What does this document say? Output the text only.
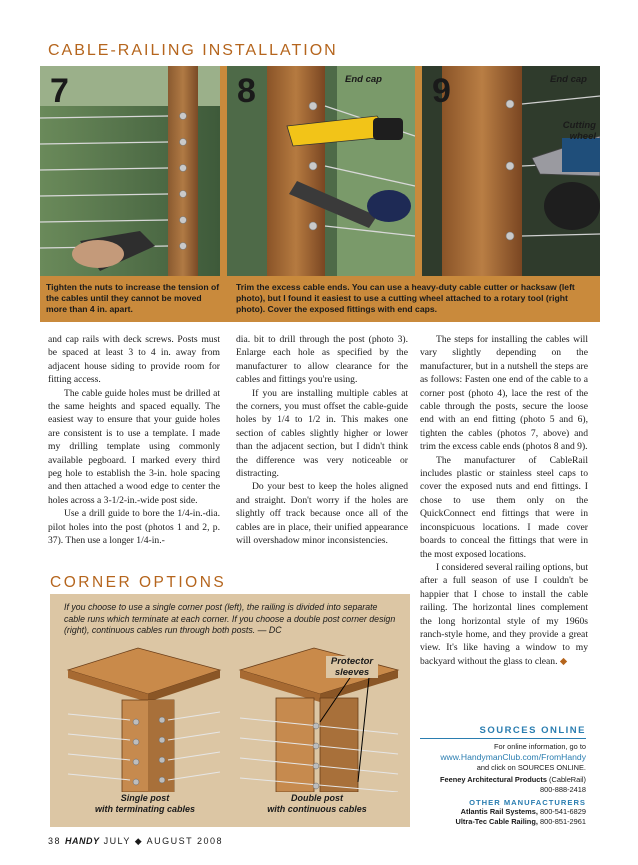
CABLE-RAILING INSTALLATION
7	8	End cap 9	End cap
Cutting
wheel
Tighten the nuts to increase the tension of the cables until they cannot be moved more than 4 in. apart.
Trim the excess cable ends. You can use a heavy-duty cable cutter or hacksaw (left photo), but I found it easiest to use a cutting wheel attached to a rotary tool (right photo). Cover the exposed fittings with end caps.

and cap rails with deck screws. Posts must be spaced at least 3 to 4 in. away from adjacent house siding to provide room for fitting access.

The cable guide holes must be drilled at the same heights and spaced equally. The easiest way to ensure that your guide holes are consistent is to use a template. I made my drilling template using commonly available pegboard. I marked every third peg hole to establish the 3-in. hole spacing and then attached a wood edge to center the holes across a 3-1/2-in.-wide post side.

Use a drill guide to bore the 1/4-in.-dia. pilot holes into the post (photos 1 and 2, p. 37). Then use a longer 1/4-in.-

dia. bit to drill through the post (photo 3). Enlarge each hole as specified by the manufacturer to allow clearance for the cables and fittings you're using.

If you are installing multiple cables at the corners, you must offset the cable-guide holes by 1/4 to 1/2 in. This makes one section of cables slightly higher or lower than the adjacent section, but I didn't think the difference was very noticeable or distracting.

Do your best to keep the holes aligned and straight. Don't worry if the holes are slightly off track because once all of the cables are in place, their unified appearance will overshadow minor inconsistencies.

The steps for installing the cables will vary slightly depending on the manufacturer, but in a nutshell the steps are as follows: Fasten one end of the cable to a corner post (photo 4), lace the rest of the cable through the posts, secure the loose end with an end fitting (photo 5 and 6), tighten the cables (photos 7, above) and trim the excess cable ends (photos 8 and 9).

The manufacturer of CableRail includes plastic or stainless steel caps to cover the exposed nuts and end fittings. I chose to use them only on the QuickConnect end fittings that were in inconspicuous locations. I made cover boards to conceal the fittings that were in the most exposed locations.

I considered several railing options, but after a full season of use I couldn't be happier that I chose to install the cable railing. The horizontal lines complement the long horizontal style of my 1960s ranch-style home, and they provide a great view. It's like having a window to my backyard without the glass to clean. ◆

CORNER OPTIONS
If you choose to use a single corner post (left), the railing is divided into separate cable runs which terminate at each corner. If you choose a double post corner design (right), continuous cables run through both posts. — DC
Protector sleeves
Single post
with terminating cables
Double post
with continuous cables
SOURCES ONLINE
For online information, go to
www.HandymanClub.com/FromHandy
and click on SOURCES ONLINE.
Feeney Architectural Products (CableRail)
800-888-2418
OTHER MANUFACTURERS
Atlantis Rail Systems, 800-541-6829
Ultra-Tec Cable Railing, 800-851-2961
38 HANDY JULY ◆ AUGUST 2008
